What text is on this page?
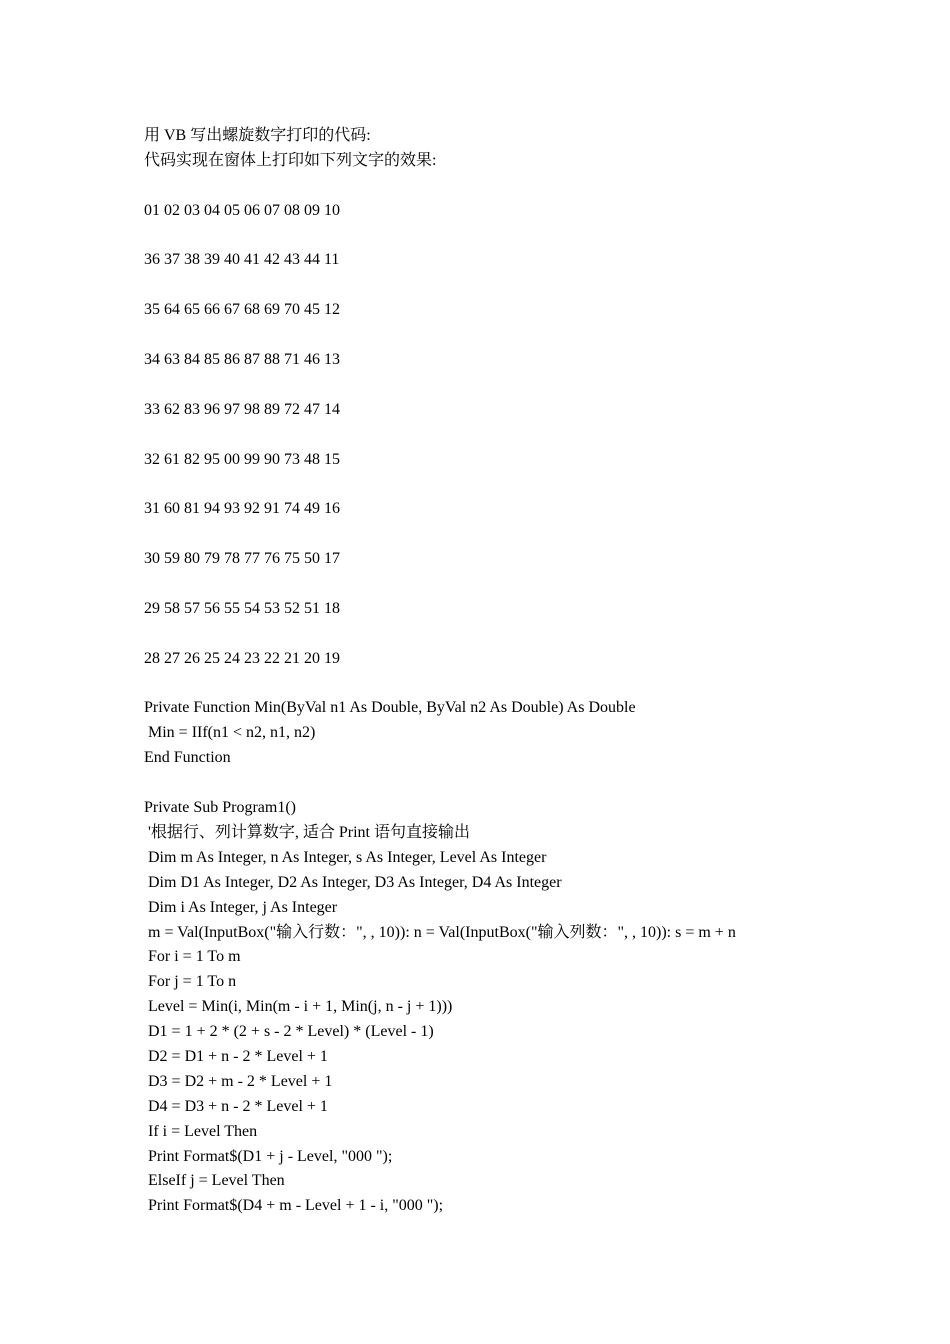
用 VB 写出螺旋数字打印的代码:
代码实现在窗体上打印如下列文字的效果:
01 02 03 04 05 06 07 08 09 10
36 37 38 39 40 41 42 43 44 11
35 64 65 66 67 68 69 70 45 12
34 63 84 85 86 87 88 71 46 13
33 62 83 96 97 98 89 72 47 14
32 61 82 95 00 99 90 73 48 15
31 60 81 94 93 92 91 74 49 16
30 59 80 79 78 77 76 75 50 17
29 58 57 56 55 54 53 52 51 18
28 27 26 25 24 23 22 21 20 19
Private Function Min(ByVal n1 As Double, ByVal n2 As Double) As Double
Min = IIf(n1 < n2, n1, n2)
End Function
Private Sub Program1()
'根据行、列计算数字, 适合 Print 语句直接输出
Dim m As Integer, n As Integer, s As Integer, Level As Integer
Dim D1 As Integer, D2 As Integer, D3 As Integer, D4 As Integer
Dim i As Integer, j As Integer
m = Val(InputBox("输入行数：", , 10)): n = Val(InputBox("输入列数：", , 10)): s = m + n
For i = 1 To m
For j = 1 To n
Level = Min(i, Min(m - i + 1, Min(j, n - j + 1)))
D1 = 1 + 2 * (2 + s - 2 * Level) * (Level - 1)
D2 = D1 + n - 2 * Level + 1
D3 = D2 + m - 2 * Level + 1
D4 = D3 + n - 2 * Level + 1
If i = Level Then
Print Format$(D1 + j - Level, "000 ");
ElseIf j = Level Then
Print Format$(D4 + m - Level + 1 - i, "000 ");
